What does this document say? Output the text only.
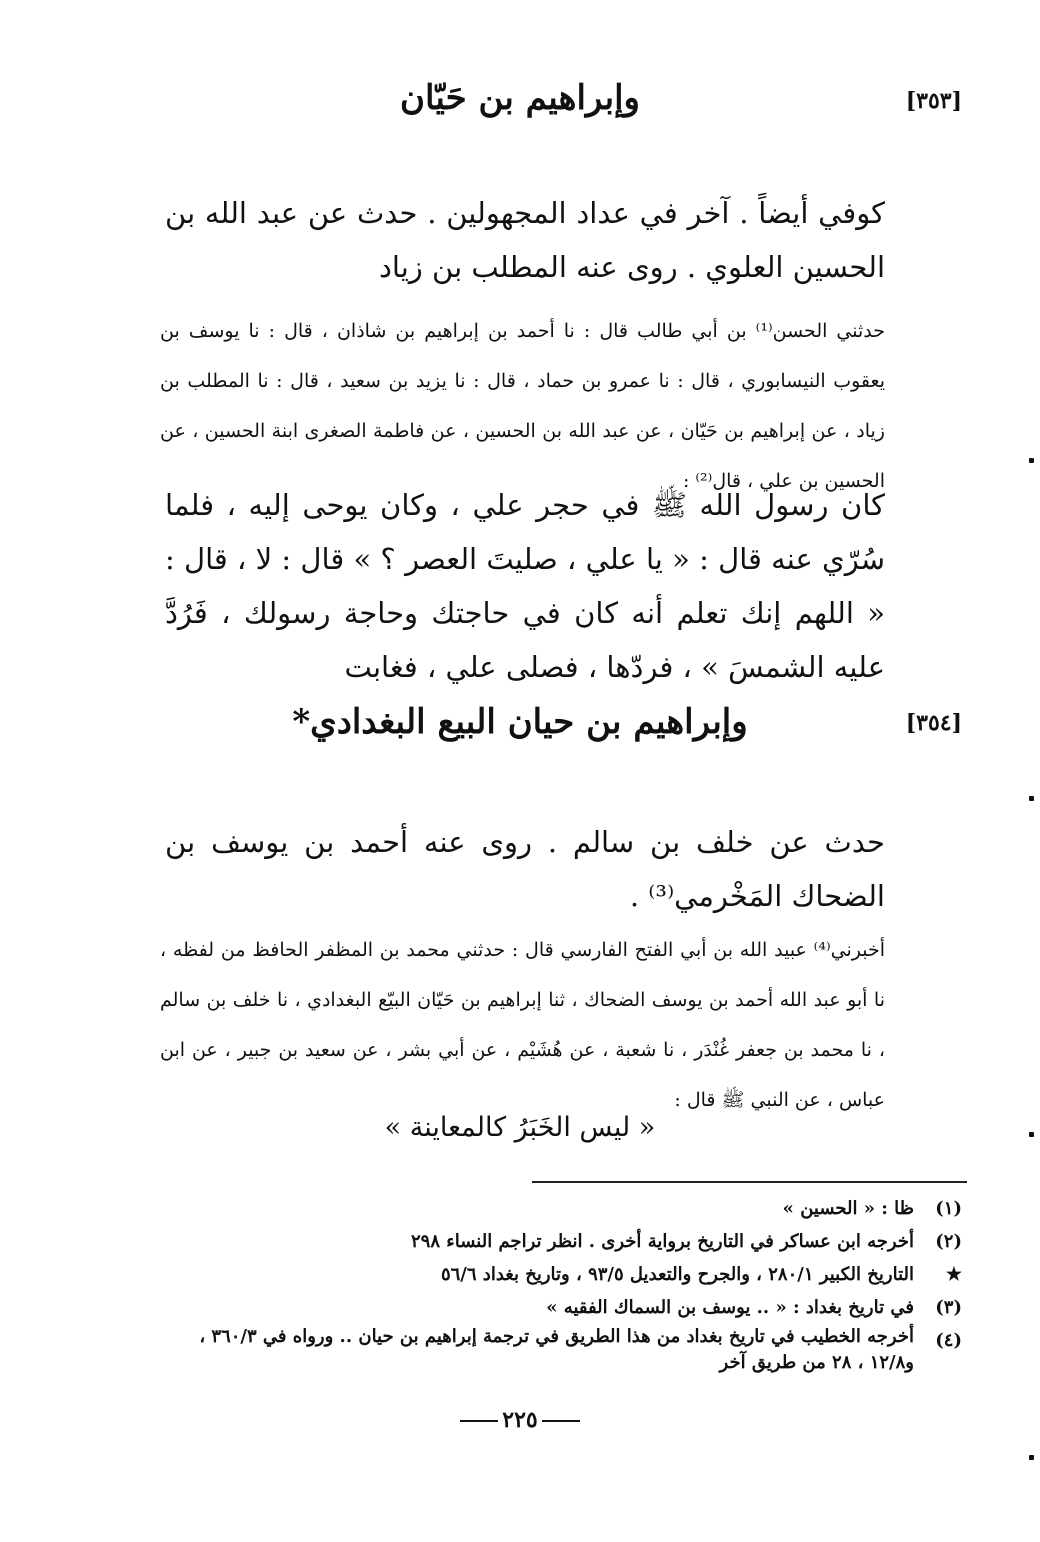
[٣٥٣]
وإبراهيم بن حَيّان
كوفي أيضاً . آخر في عداد المجهولين . حدث عن عبد الله بن الحسين العلوي . روى عنه المطلب بن زياد
حدثني الحسن⁽¹⁾ بن أبي طالب قال : نا أحمد بن إبراهيم بن شاذان ، قال : نا يوسف بن يعقوب النيسابوري ، قال : نا عمرو بن حماد ، قال : نا يزيد بن سعيد ، قال : نا المطلب بن زياد ، عن إبراهيم بن حَيّان ، عن عبد الله بن الحسين ، عن فاطمة الصغرى ابنة الحسين ، عن الحسين بن علي ، قال⁽²⁾ :
كان رسول الله ﷺ في حجر علي ، وكان يوحى إليه ، فلما سُرّي عنه قال : « يا علي ، صليتَ العصر ؟ » قال : لا ، قال : « اللهم إنك تعلم أنه كان في حاجتك وحاجة رسولك ، فَرُدَّ عليه الشمسَ » ، فردّها ، فصلى علي ، فغابت
[٣٥٤]
وإبراهيم بن حيان البيع البغدادي*
حدث عن خلف بن سالم . روى عنه أحمد بن يوسف بن الضحاك المَخْرمي⁽³⁾ .
أخبرني⁽⁴⁾ عبيد الله بن أبي الفتح الفارسي قال : حدثني محمد بن المظفر الحافظ من لفظه ، نا أبو عبد الله أحمد بن يوسف الضحاك ، ثنا إبراهيم بن حَيّان البيّع البغدادي ، نا خلف بن سالم ، نا محمد بن جعفر غُنْدَر ، نا شعبة ، عن هُشَيْم ، عن أبي بشر ، عن سعيد بن جبير ، عن ابن عباس ، عن النبي ﷺ قال :
« ليس الخَبَرُ كالمعاينة »
(١)
ظا : « الحسين »
(٢)
أخرجه ابن عساكر في التاريخ برواية أخرى . انظر تراجم النساء ٢٩٨
★
التاريخ الكبير ٢٨٠/١ ، والجرح والتعديل ٩٣/٥ ، وتاريخ بغداد ٥٦/٦
(٣)
في تاريخ بغداد : « .. يوسف بن السماك الفقيه »
(٤)
أخرجه الخطيب في تاريخ بغداد من هذا الطريق في ترجمة إبراهيم بن حيان .. ورواه في ٣٦٠/٣ ، و١٢/٨ ، ٢٨ من طريق آخر
٢٢٥
